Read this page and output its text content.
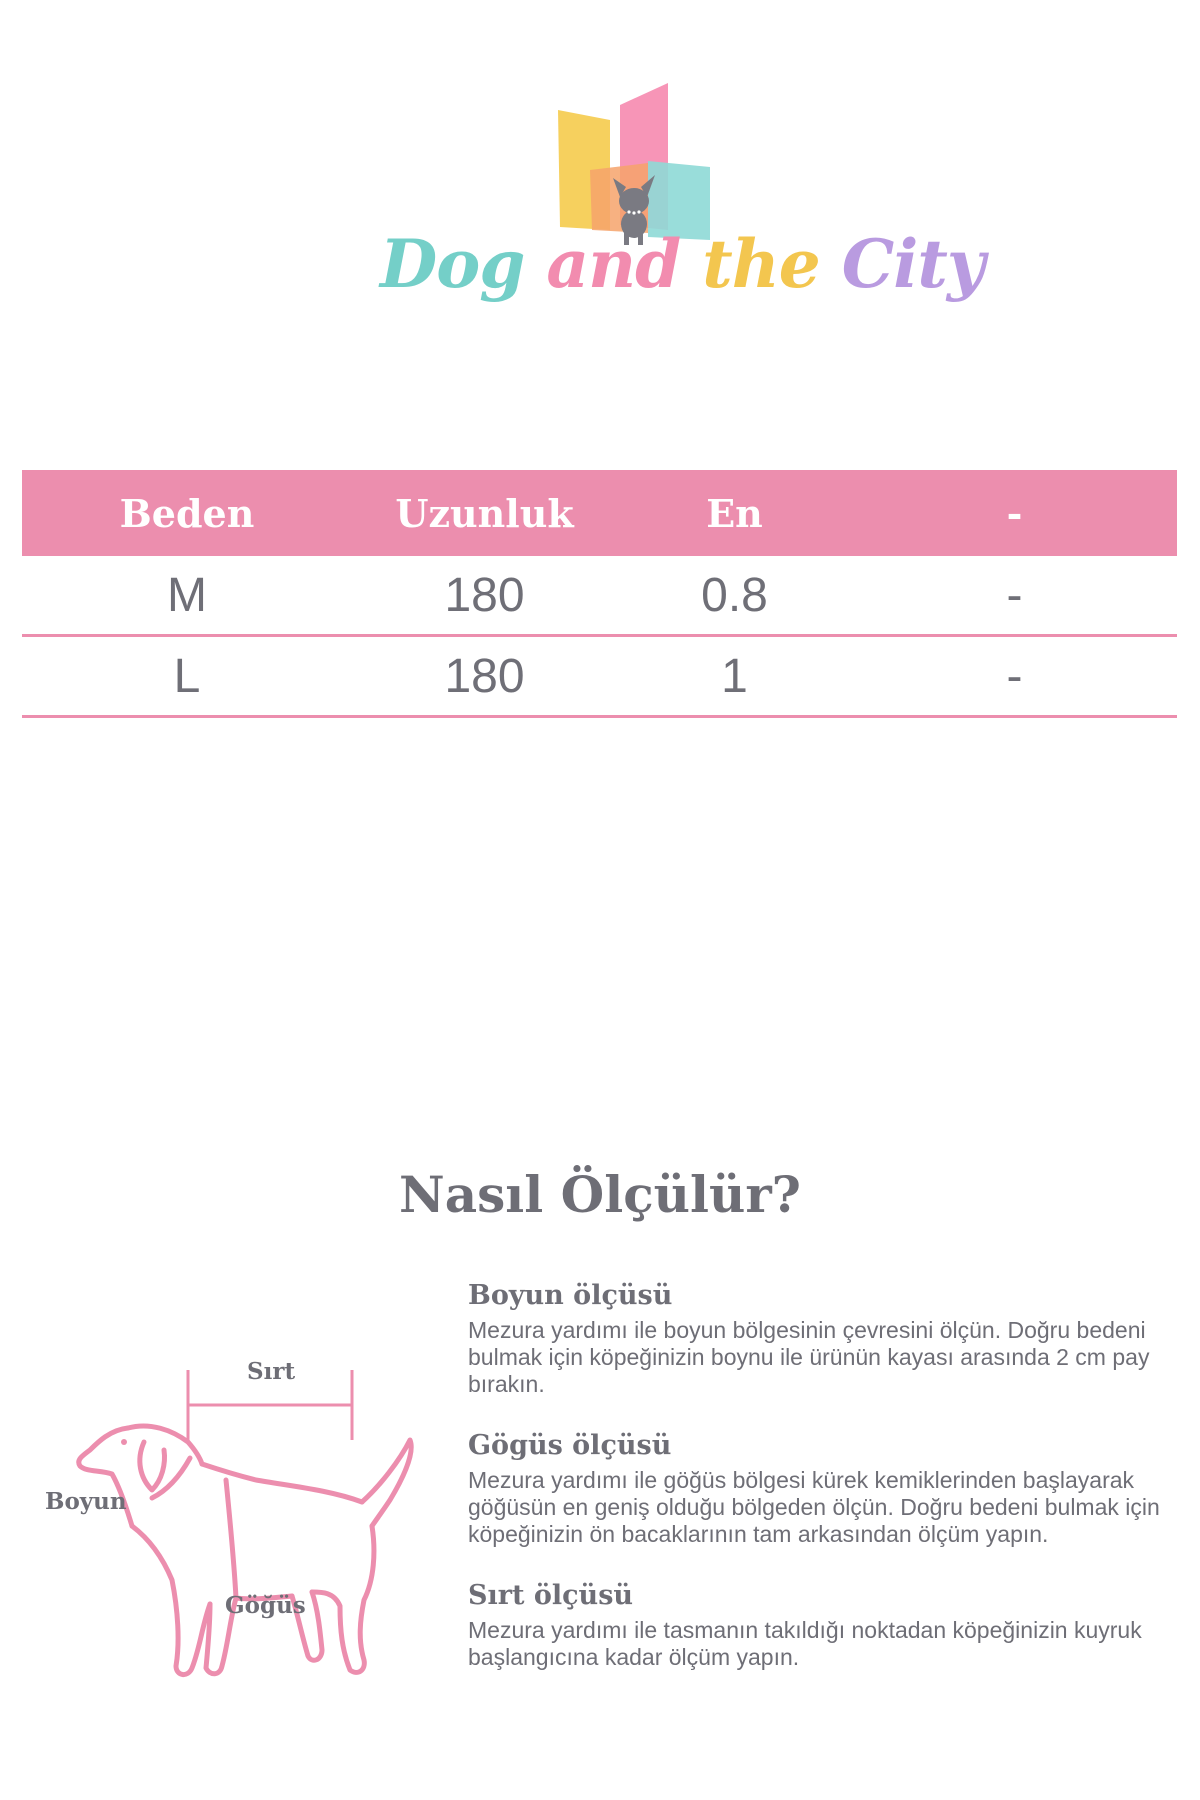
Dog and the City
Beden	Uzunluk	En	-
M	180	0.8	-
L	180	1	-
Nasıl Ölçülür?
Sırt
Boyun
Göğüs
Boyun ölçüsü

Mezura yardımı ile boyun bölgesinin çevresini ölçün. Doğru bedeni bulmak için köpeğinizin boynu ile ürünün kayası arasında 2 cm pay bırakın.

Gögüs ölçüsü

Mezura yardımı ile göğüs bölgesi kürek kemiklerinden başlayarak göğüsün en geniş olduğu bölgeden ölçün. Doğru bedeni bulmak için köpeğinizin ön bacaklarının tam arkasından ölçüm yapın.

Sırt ölçüsü

Mezura yardımı ile tasmanın takıldığı noktadan köpeğinizin kuyruk başlangıcına kadar ölçüm yapın.
